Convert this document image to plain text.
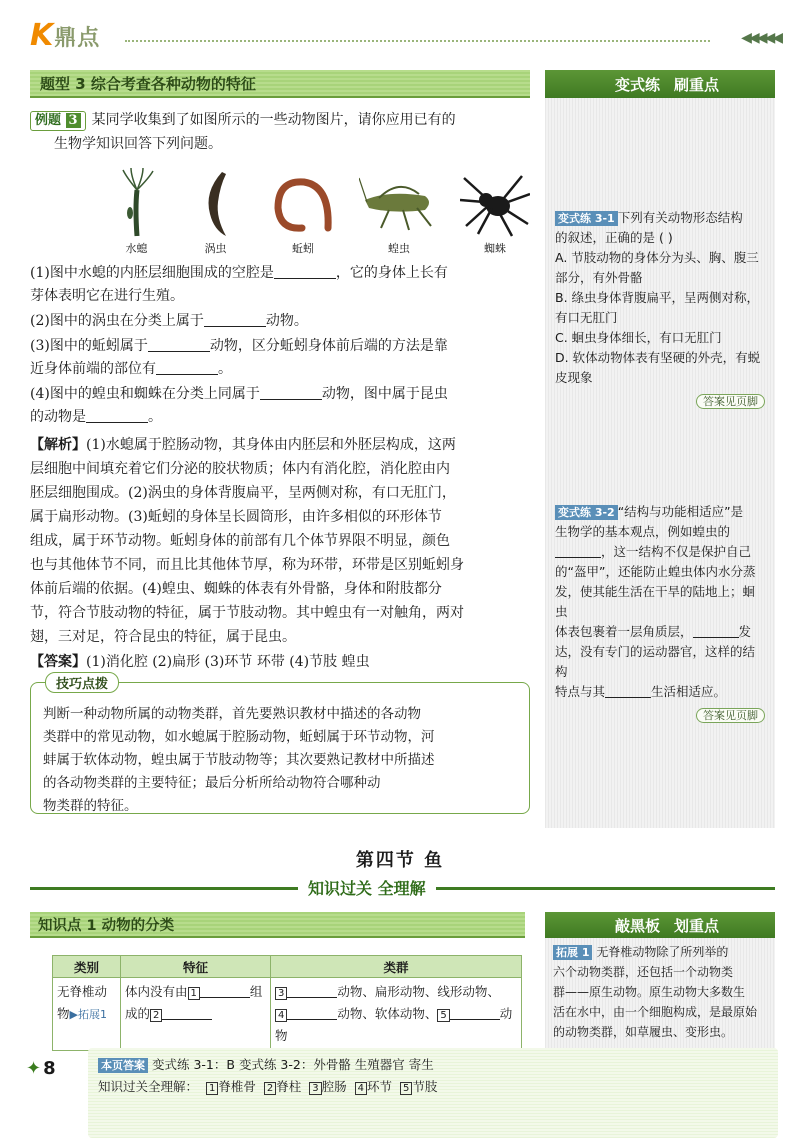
K鼎点	◀◀◀◀◀
题型 3 综合考查各种动物的特征
例题 3 某同学收集到了如图所示的一些动物图片，请你应用已有的
生物学知识回答下列问题。
水螅	涡虫	蚯蚓	蝗虫	蜘蛛
(1)图中水螅的内胚层细胞围成的空腔是	，它的身体上长有
芽体表明它在进行生殖。
(2)图中的涡虫在分类上属于	动物。
(3)图中的蚯蚓属于	动物，区分蚯蚓身体前后端的方法是靠
近身体前端的部位有	。
(4)图中的蝗虫和蜘蛛在分类上同属于	动物，图中属于昆虫
的动物是	。
【解析】(1)水螅属于腔肠动物，其身体由内胚层和外胚层构成，这两
层细胞中间填充着它们分泌的胶状物质；体内有消化腔，消化腔由内
胚层细胞围成。(2)涡虫的身体背腹扁平，呈两侧对称，有口无肛门，
属于扁形动物。(3)蚯蚓的身体呈长圆筒形，由许多相似的环形体节
组成，属于环节动物。蚯蚓身体的前部有几个体节界限不明显，颜色
也与其他体节不同，而且比其他体节厚，称为环带，环带是区别蚯蚓身
体前后端的依据。(4)蝗虫、蜘蛛的体表有外骨骼，身体和附肢都分
节，符合节肢动物的特征，属于节肢动物。其中蝗虫有一对触角，两对
翅，三对足，符合昆虫的特征，属于昆虫。
【答案】(1)消化腔 (2)扁形 (3)环节 环带 (4)节肢 蝗虫
技巧点拨
判断一种动物所属的动物类群，首先要熟识教材中描述的各动物
类群中的常见动物，如水螅属于腔肠动物，蚯蚓属于环节动物，河
蚌属于软体动物，蝗虫属于节肢动物等；其次要熟记教材中所描述
的各动物类群的主要特征；最后分析所给动物符合哪种动
物类群的特征。
变式练 刷重点
变式练 3-1 下列有关动物形态结构
的叙述，正确的是 ( )

A. 节肢动物的身体分为头、胸、腹三
部分，有外骨骼
B. 绦虫身体背腹扁平，呈两侧对称，
有口无肛门
C. 蛔虫身体细长，有口无肛门
D. 软体动物体表有坚硬的外壳，有蜕
皮现象
答案见页脚
变式练 3-2 “结构与功能相适应”是
生物学的基本观点，例如蝗虫的
，这一结构不仅是保护自己
的“盔甲”，还能防止蝗虫体内水分蒸
发，使其能生活在干旱的陆地上；蛔虫
体表包裹着一层角质层，	发
达，没有专门的运动器官，这样的结构
特点与其	生活相适应。
答案见页脚
第四节 鱼
知识过关 全理解
知识点 1 动物的分类
类别	特征	类群
无脊椎动
物▶拓展1	体内没有由 1 组
成的 2	3 动物、扁形动物、线形动物、
4 动物、软体动物、 5 动物
敲黑板 划重点
拓展 1 无脊椎动物除了所列举的
六个动物类群，还包括一个动物类
群——原生动物。原生动物大多数生
活在水中，由一个细胞构成，是最原始
的动物类群，如草履虫、变形虫。
✦ 8	本页答案 变式练 3-1：B 变式练 3-2：外骨骼 生殖器官 寄生
知识过关全理解： 1 脊椎骨 2 脊柱 3 腔肠 4 环节 5 节肢
